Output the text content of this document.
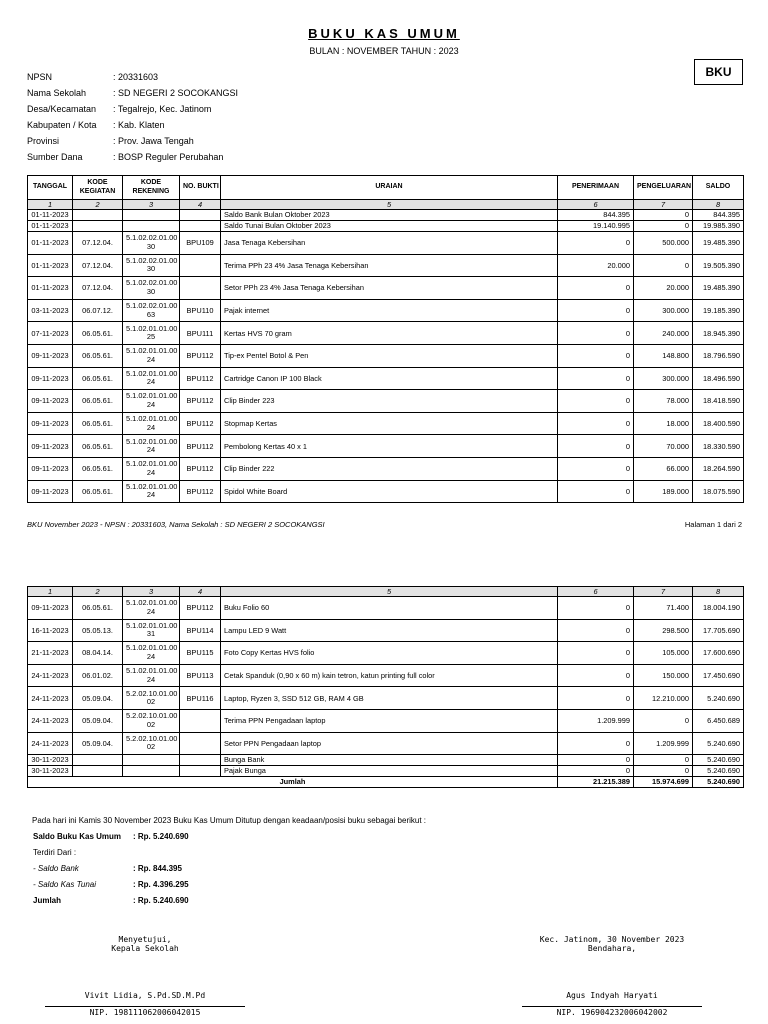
BUKU KAS UMUM
BULAN : NOVEMBER TAHUN : 2023
BKU
NPSN	: 20331603
Nama Sekolah	: SD NEGERI 2 SOCOKANGSI
Desa/Kecamatan	: Tegalrejo, Kec. Jatinom
Kabupaten / Kota	: Kab. Klaten
Provinsi	: Prov. Jawa Tengah
Sumber Dana	: BOSP Reguler Perubahan
TANGGAL	KODE KEGIATAN	KODE REKENING	NO. BUKTI	URAIAN	PENERIMAAN	PENGELUARAN	SALDO
1	2	3	4	5	6	7	8
01-11-2023				Saldo Bank Bulan Oktober 2023	844.395	0	844.395
01-11-2023				Saldo Tunai Bulan Oktober 2023	19.140.995	0	19.985.390
01-11-2023	07.12.04.	5.1.02.02.01.00 30	BPU109	Jasa Tenaga Kebersihan	0	500.000	19.485.390
01-11-2023	07.12.04.	5.1.02.02.01.00 30		Terima PPh 23 4% Jasa Tenaga Kebersihan	20.000	0	19.505.390
01-11-2023	07.12.04.	5.1.02.02.01.00 30		Setor PPh 23 4% Jasa Tenaga Kebersihan	0	20.000	19.485.390
03-11-2023	06.07.12.	5.1.02.02.01.00 63	BPU110	Pajak internet	0	300.000	19.185.390
07-11-2023	06.05.61.	5.1.02.01.01.00 25	BPU111	Kertas HVS 70 gram	0	240.000	18.945.390
09-11-2023	06.05.61.	5.1.02.01.01.00 24	BPU112	Tip-ex Pentel Botol & Pen	0	148.800	18.796.590
09-11-2023	06.05.61.	5.1.02.01.01.00 24	BPU112	Cartridge Canon IP 100 Black	0	300.000	18.496.590
09-11-2023	06.05.61.	5.1.02.01.01.00 24	BPU112	Clip Binder 223	0	78.000	18.418.590
09-11-2023	06.05.61.	5.1.02.01.01.00 24	BPU112	Stopmap Kertas	0	18.000	18.400.590
09-11-2023	06.05.61.	5.1.02.01.01.00 24	BPU112	Pembolong Kertas 40 x 1	0	70.000	18.330.590
09-11-2023	06.05.61.	5.1.02.01.01.00 24	BPU112	Clip Binder 222	0	66.000	18.264.590
09-11-2023	06.05.61.	5.1.02.01.01.00 24	BPU112	Spidol White Board	0	189.000	18.075.590
BKU November 2023 - NPSN : 20331603, Nama Sekolah : SD NEGERI 2 SOCOKANGSI	Halaman 1 dari 2
1	2	3	4	5	6	7	8
09-11-2023	06.05.61.	5.1.02.01.01.00 24	BPU112	Buku Folio 60	0	71.400	18.004.190
16-11-2023	05.05.13.	5.1.02.01.01.00 31	BPU114	Lampu LED 9 Watt	0	298.500	17.705.690
21-11-2023	08.04.14.	5.1.02.01.01.00 24	BPU115	Foto Copy Kertas HVS folio	0	105.000	17.600.690
24-11-2023	06.01.02.	5.1.02.01.01.00 24	BPU113	Cetak Spanduk (0,90 x 60 m) kain tetron, katun printing full color	0	150.000	17.450.690
24-11-2023	05.09.04.	5.2.02.10.01.00 02	BPU116	Laptop, Ryzen 3, SSD 512 GB, RAM 4 GB	0	12.210.000	5.240.690
24-11-2023	05.09.04.	5.2.02.10.01.00 02		Terima PPN Pengadaan laptop	1.209.999	0	6.450.689
24-11-2023	05.09.04.	5.2.02.10.01.00 02		Setor PPN Pengadaan laptop	0	1.209.999	5.240.690
30-11-2023				Bunga Bank	0	0	5.240.690
30-11-2023				Pajak Bunga	0	0	5.240.690
Jumlah					21.215.389	15.974.699	5.240.690
Pada hari ini Kamis 30 November 2023 Buku Kas Umum Ditutup dengan keadaan/posisi buku sebagai berikut :
Saldo Buku Kas Umum	: Rp. 5.240.690
Terdiri Dari :
- Saldo Bank	: Rp. 844.395
- Saldo Kas Tunai	: Rp. 4.396.295
Jumlah	: Rp. 5.240.690
Menyetujui,
Kepala Sekolah
Vivit Lidia, S.Pd.SD.M.Pd
NIP. 198111062006042015
Kec. Jatinom, 30 November 2023
Bendahara,
Agus Indyah Haryati
NIP. 196904232006042002
